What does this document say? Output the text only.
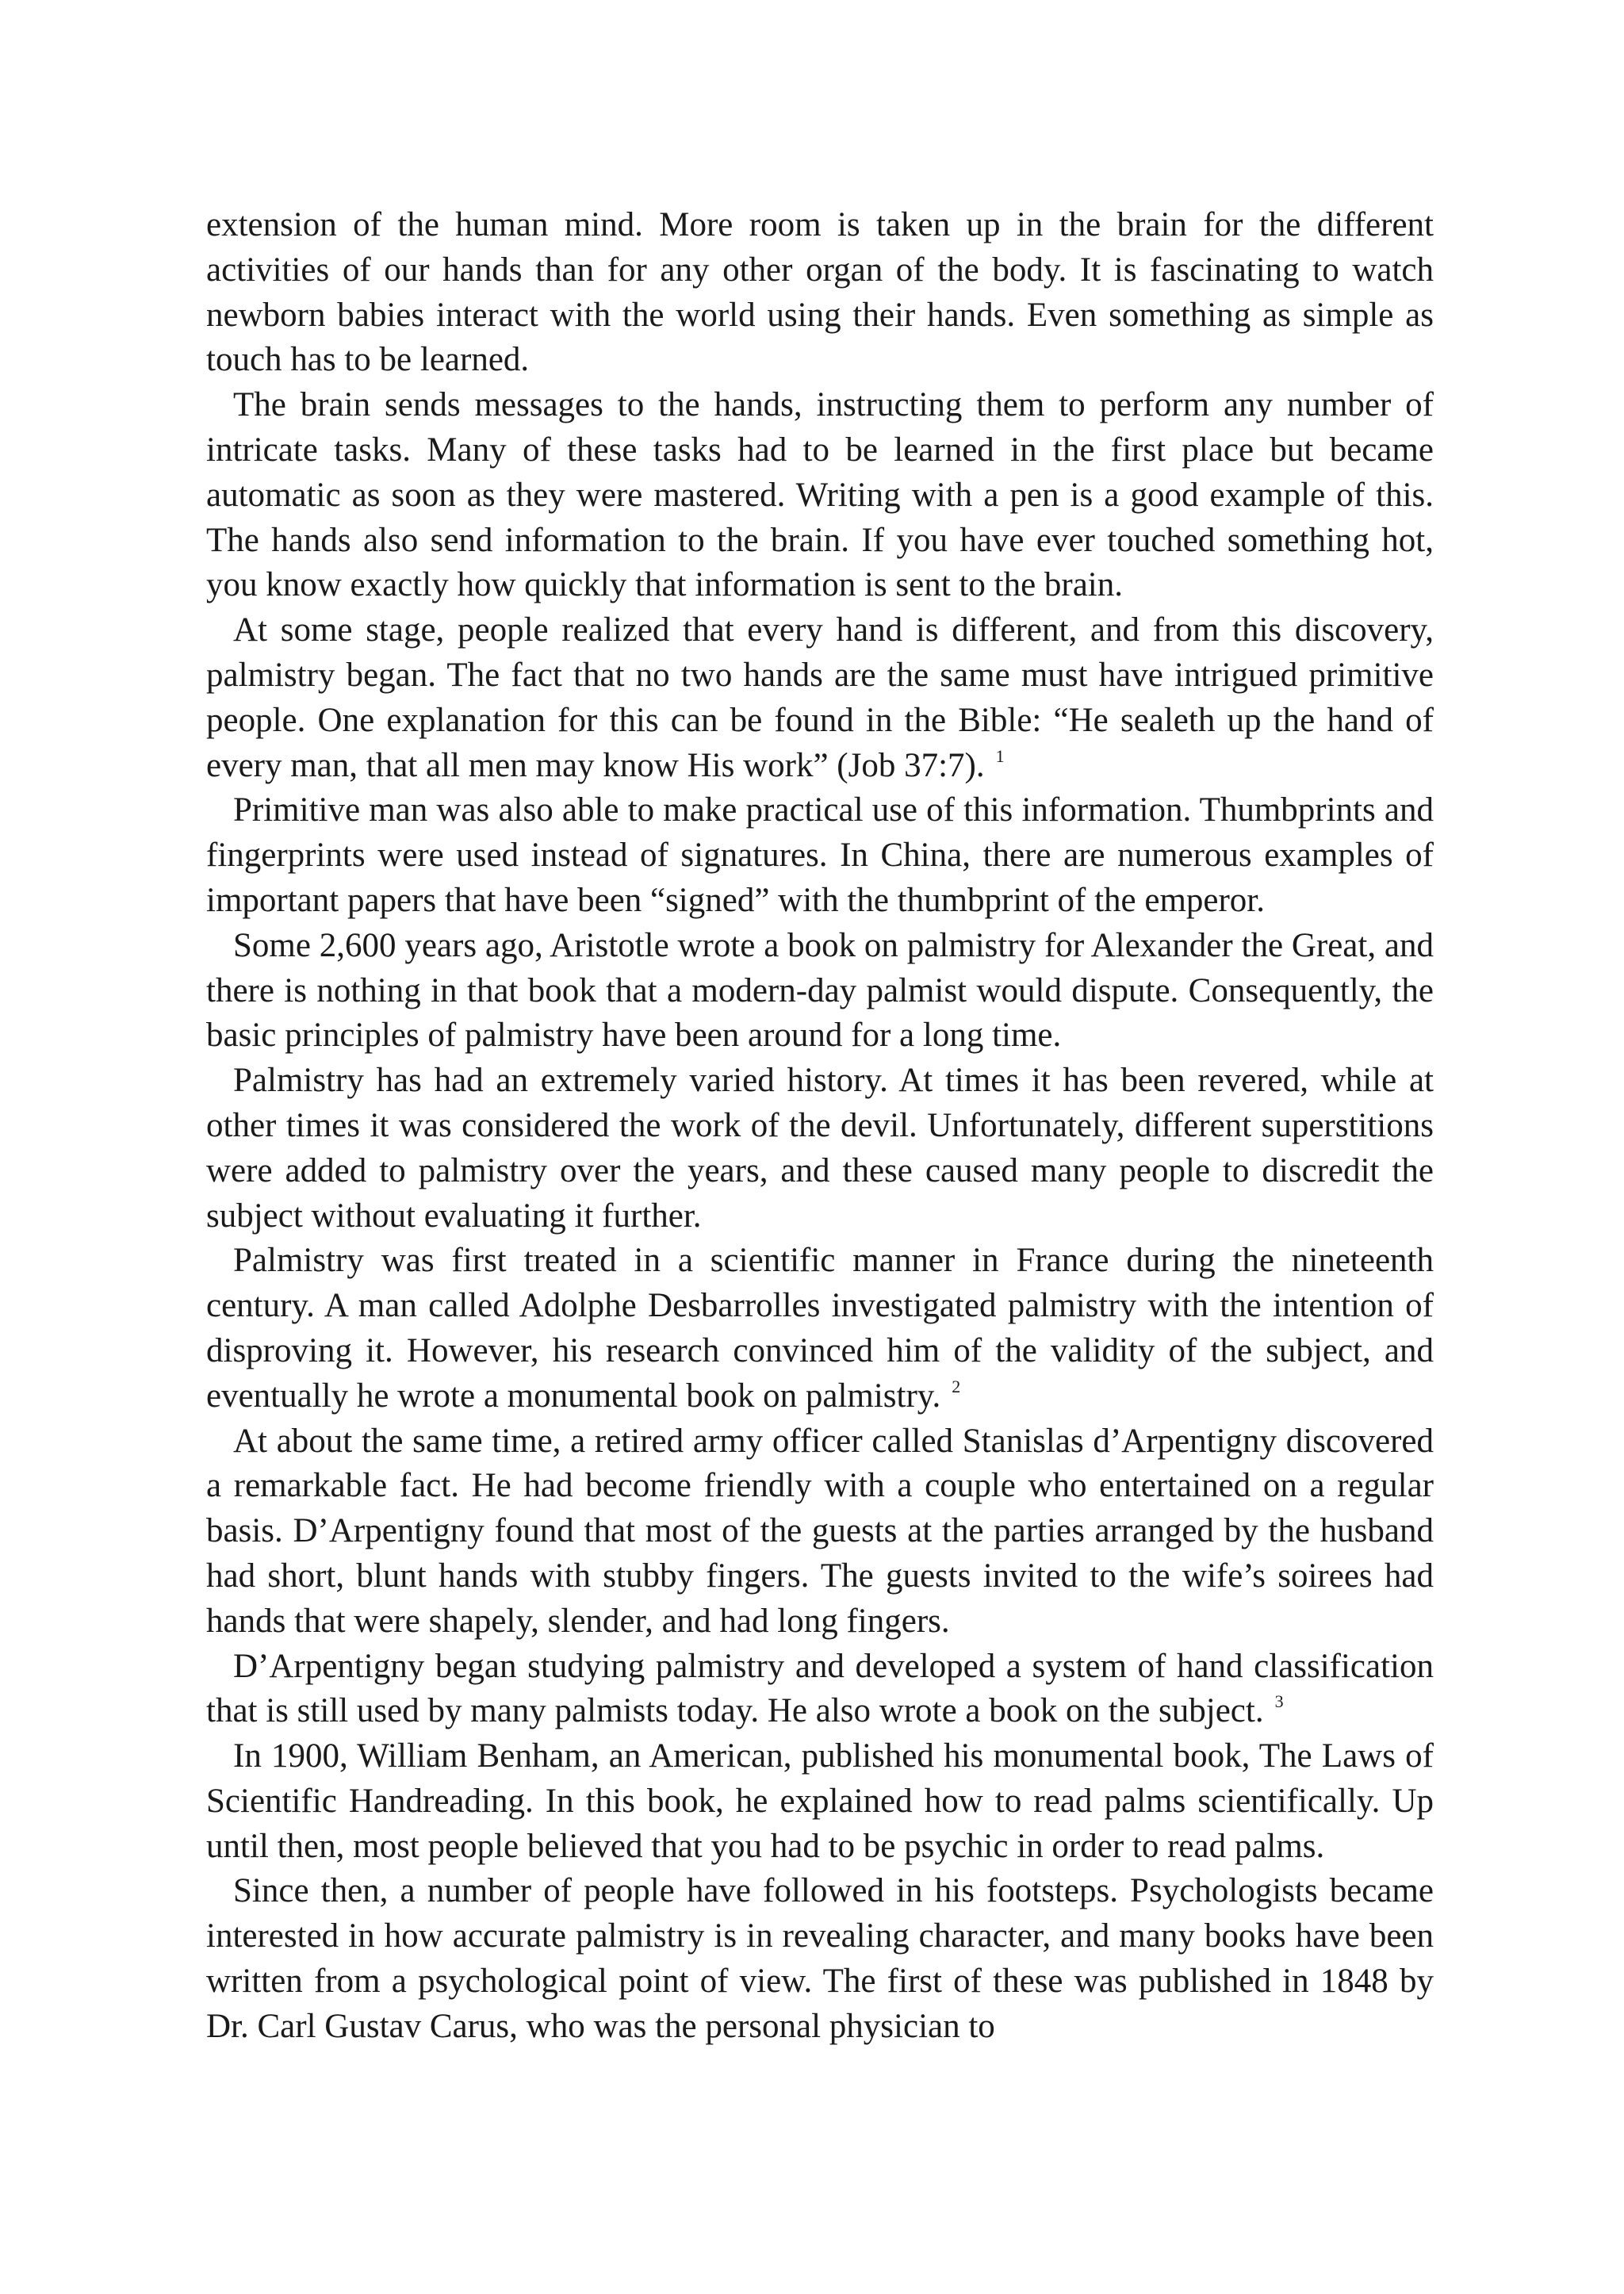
extension of the human mind. More room is taken up in the brain for the different activities of our hands than for any other organ of the body. It is fascinating to watch newborn babies interact with the world using their hands. Even something as simple as touch has to be learned.

The brain sends messages to the hands, instructing them to perform any number of intricate tasks. Many of these tasks had to be learned in the first place but became automatic as soon as they were mastered. Writing with a pen is a good example of this. The hands also send information to the brain. If you have ever touched something hot, you know exactly how quickly that information is sent to the brain.

At some stage, people realized that every hand is different, and from this discovery, palmistry began. The fact that no two hands are the same must have intrigued primitive people. One explanation for this can be found in the Bible: “He sealeth up the hand of every man, that all men may know His work” (Job 37:7). $^1$

Primitive man was also able to make practical use of this information. Thumbprints and fingerprints were used instead of signatures. In China, there are numerous examples of important papers that have been “signed” with the thumbprint of the emperor.

Some 2,600 years ago, Aristotle wrote a book on palmistry for Alexander the Great, and there is nothing in that book that a modern-day palmist would dispute. Consequently, the basic principles of palmistry have been around for a long time.

Palmistry has had an extremely varied history. At times it has been revered, while at other times it was considered the work of the devil. Unfortunately, different superstitions were added to palmistry over the years, and these caused many people to discredit the subject without evaluating it further.

Palmistry was first treated in a scientific manner in France during the nineteenth century. A man called Adolphe Desbarrolles investigated palmistry with the intention of disproving it. However, his research convinced him of the validity of the subject, and eventually he wrote a monumental book on palmistry. $^2$

At about the same time, a retired army officer called Stanislas d’Arpentigny discovered a remarkable fact. He had become friendly with a couple who entertained on a regular basis. D’Arpentigny found that most of the guests at the parties arranged by the husband had short, blunt hands with stubby fingers. The guests invited to the wife’s soirees had hands that were shapely, slender, and had long fingers.

D’Arpentigny began studying palmistry and developed a system of hand classification that is still used by many palmists today. He also wrote a book on the subject. $^3$

In 1900, William Benham, an American, published his monumental book, The Laws of Scientific Handreading. In this book, he explained how to read palms scientifically. Up until then, most people believed that you had to be psychic in order to read palms.

Since then, a number of people have followed in his footsteps. Psychologists became interested in how accurate palmistry is in revealing character, and many books have been written from a psychological point of view. The first of these was published in 1848 by Dr. Carl Gustav Carus, who was the personal physician to
